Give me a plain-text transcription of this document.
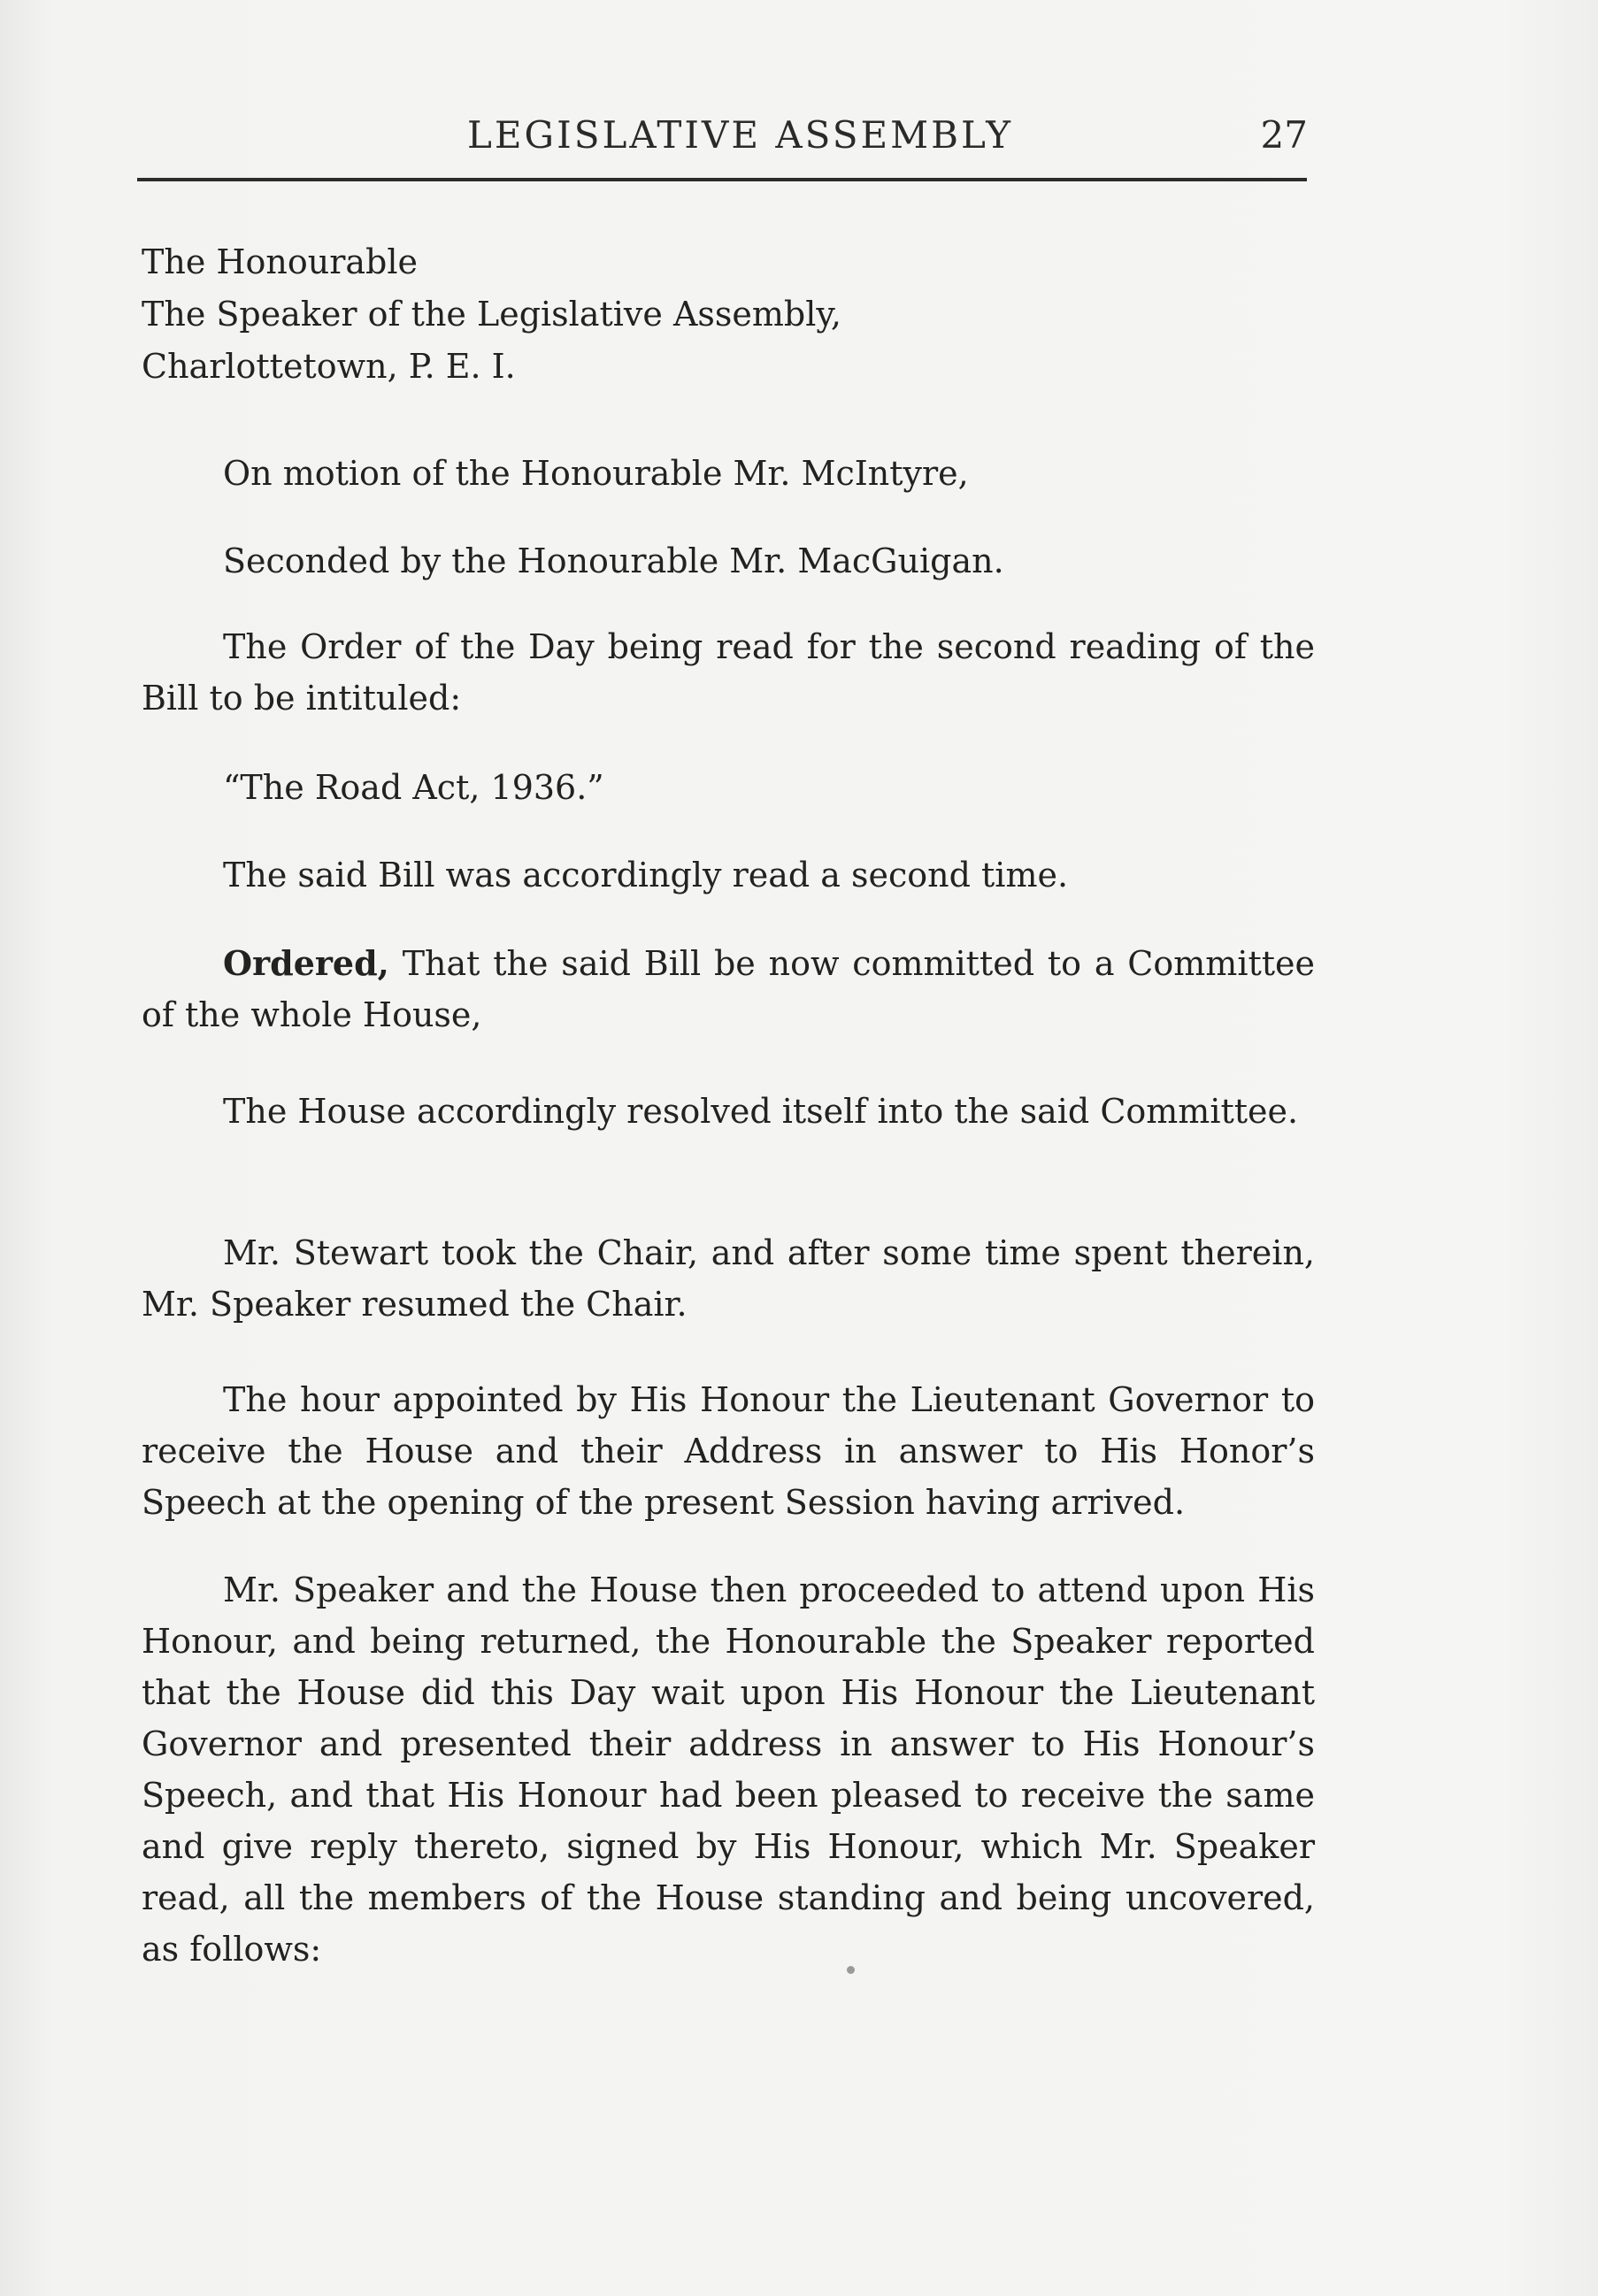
LEGISLATIVE ASSEMBLY	27

The Honourable

The Speaker of the Legislative Assembly,

Charlottetown, P. E. I.

On motion of the Honourable Mr. McIntyre,

Seconded by the Honourable Mr. MacGuigan.

The Order of the Day being read for the second reading of the Bill to be intituled:

“The Road Act, 1936.”

The said Bill was accordingly read a second time.

Ordered, That the said Bill be now committed to a Committee of the whole House,

The House accordingly resolved itself into the said Committee.

Mr. Stewart took the Chair, and after some time spent therein, Mr. Speaker resumed the Chair.

The hour appointed by His Honour the Lieutenant Governor to receive the House and their Address in answer to His Honor’s Speech at the opening of the present Session having arrived.

Mr. Speaker and the House then proceeded to attend upon His Honour, and being returned, the Honourable the Speaker reported that the House did this Day wait upon His Honour the Lieutenant Governor and presented their address in answer to His Honour’s Speech, and that His Honour had been pleased to receive the same and give reply thereto, signed by His Honour, which Mr. Speaker read, all the members of the House standing and being uncovered, as follows:
